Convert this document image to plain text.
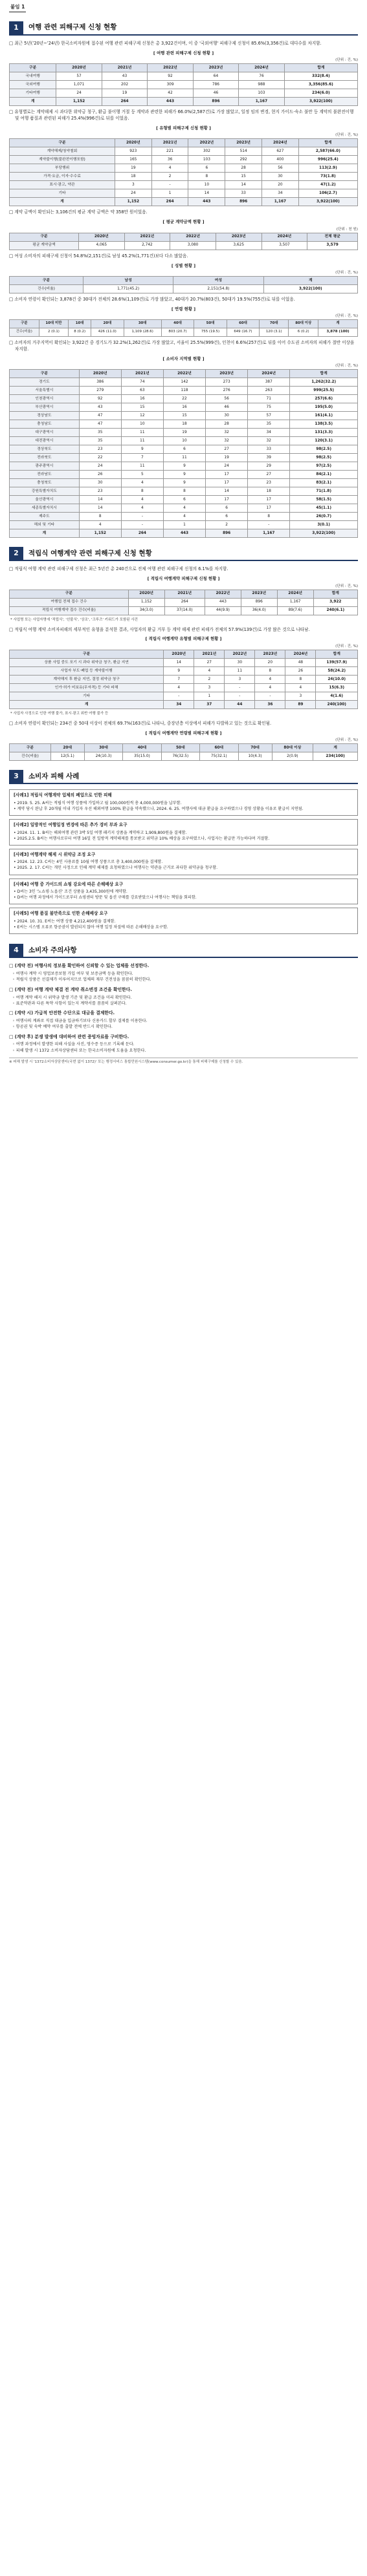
붙임 1
1	여행 관련 피해구제 신청 현황

□ 최근 5년(’20년~’24년) 한국소비자원에 접수된 여행 관련 피해구제 신청은 총 3,922건이며, 이 중 '국외여행' 피해구제 신청이 85.6%(3,356건)로 대다수를 차지함.

[ 여행 관련 피해구제 신청 현황 ]
(단위 : 건, %)
구분	2020년	2021년	2022년	2023년	2024년	합계
국내여행	57	43	92	64	76	332(8.4)
국외여행	1,071	202	309	786	988	3,356(85.6)
기타여행	24	19	42	46	103	234(6.0)
계	1,152	264	443	896	1,167	3,922(100)

□ 유형별로는 계약해제 시 과다한 위약금 청구, 환급 불이행 거절 등 계약과 관련한 피해가 66.0%(2,587건)로 가장 많았고, 일정 임의 변경, 현지 가이드·숙소 불만 등 계약의 불완전이행 및 여행 품질과 관련된 피해가 25.4%(996건)로 뒤를 이었음.

[ 유형별 피해구제 신청 현황 ]
(단위 : 건, %)
구분	2020년	2021년	2022년	2023년	2024년	합계
계약해제/청약철회	923	221	302	514	627	2,587(66.0)
계약불이행(불완전이행포함)	165	36	103	292	400	996(25.4)
부당행위	19	4	6	28	56	113(2.9)
가격·요금, 이자·수수료	18	2	8	15	30	73(1.8)
표시·광고, 약관	3	-	10	14	20	47(1.2)
기타	24	1	14	33	34	106(2.7)
계	1,152	264	443	896	1,167	3,922(100)

□ 계약 금액이 확인되는 3,106건의 평균 계약 금액은 약 358만 원이었음.

[ 평균 계약금액 현황 ]
(단위 : 천 원)
구분	2020년	2021년	2022년	2023년	2024년	전체 평균
평균 계약금액	4,065	2,742	3,080	3,625	3,507	3,579

□ 여성 소비자의 피해구제 신청이 54.8%(2,151건)로 남성 45.2%(1,771건)보다 다소 많았음.

[ 성별 현황 ]
(단위 : 건, %)
구분	남성	여성	계
건수(비율)	1,771(45.2)	2,151(54.8)	3,922(100)

□ 소비자 연령이 확인되는 3,878건 중 30대가 전체의 28.6%(1,109건)로 가장 많았고, 40대가 20.7%(803건), 50대가 19.5%(755건)로 뒤를 이었음.

[ 연령 현황 ]
(단위 : 건, %)
구분	10대 미만	10대	20대	30대	40대	50대	60대	70대	80대 이상	계
건수(비율)	2 (0.1)	8 (0.2)	426 (11.0)	1,109 (28.6)	803 (20.7)	755 (19.5)	649 (16.7)	120 (3.1)	6 (0.2)	3,878 (100)

□ 소비자의 거주지역이 확인되는 3,922건 중 경기도가 32.2%(1,262건)로 가장 많았고, 서울이 25.5%(999건), 인천이 6.6%(257건)로 뒤를 이어 수도권 소비자의 피해가 절반 이상을 차지함.

[ 소비자 지역별 현황 ]
(단위 : 건, %)
구분	2020년	2021년	2022년	2023년	2024년	합계
경기도	386	74	142	273	387	1,262(32.2)
서울특별시	279	63	118	276	263	999(25.5)
인천광역시	92	16	22	56	71	257(6.6)
부산광역시	43	15	16	46	75	195(5.0)
경상남도	47	12	15	30	57	161(4.1)
충청남도	47	10	18	28	35	138(3.5)
대구광역시	35	11	19	32	34	131(3.3)
대전광역시	35	11	10	32	32	120(3.1)
경상북도	23	9	6	27	33	98(2.5)
전라북도	22	7	11	19	39	98(2.5)
광주광역시	24	11	9	24	29	97(2.5)
전라남도	26	5	9	17	27	84(2.1)
충청북도	30	4	9	17	23	83(2.1)
강원특별자치도	23	8	8	14	18	71(1.8)
울산광역시	14	4	6	17	17	58(1.5)
세종특별자치시	14	4	4	6	17	45(1.1)
제주도	8	-	4	6	8	26(0.7)
해외 및 기타	4	-	1	2	-	3(0.1)
계	1,152	264	443	896	1,167	3,922(100)
2	적립식 여행계약 관련 피해구제 신청 현황

□ 적립식 여행 계약 관련 피해구제 신청은 최근 5년간 총 240건으로 전체 여행 관련 피해구제 신청의 6.1%를 차지함.

[ 적립식 여행계약 피해구제 신청 현황 ]
(단위 : 건, %)
구분	2020년	2021년	2022년	2023년	2024년	합계
여행업 전체 접수 건수	1,152	264	443	896	1,167	3,922
적립식 여행계약 접수 건수(비율)	34(3.0)	37(14.0)	44(9.9)	36(4.0)	89(7.6)	240(6.1)
* 사업명 또는 사업자명에 '적립식', '선불식', '상조', '크루즈' 키워드가 포함된 사건

□ 적립식 여행 계약 소비자피해의 세부적인 유형을 분석한 결과, 사업자의 환급 거부 등 계약 해제 관련 피해가 전체의 57.9%(139건)로 가장 많은 것으로 나타남.

[ 적립식 여행계약 유형별 피해구제 현황 ]
(단위 : 건, %)
구분	2020년	2021년	2022년	2023년	2024년	합계
상품 사업 중도 포기 시 과다 위약금 청구, 환급 지연	14	27	30	20	48	139(57.9)
사업자 부도·폐업 등 계약불이행	9	4	11	8	26	58(24.2)
계약해지 후 환급 지연, 결정 위약금 청구	7	2	3	4	8	24(10.0)
인가·허가 미보유(무자격) 등 기타 피해	4	3	-	4	4	15(6.3)
기타	-	1	-	-	3	4(1.6)
계	34	37	44	36	89	240(100)
* 사업자 사정으로 인한 여행 불가, 표시·광고 위반 여행 불가 등

□ 소비자 연령이 확인되는 234건 중 50대 이상이 전체의 69.7%(163건)로 나타나, 중장년층 이상에서 피해가 다발하고 있는 것으로 확인됨.

[ 적립식 여행계약 연령별 피해구제 현황 ]
(단위 : 건, %)
구분	20대	30대	40대	50대	60대	70대	80대 이상	계
건수(비율)	12(5.1)	24(10.3)	35(15.0)	76(32.5)	75(32.1)	10(4.3)	2(0.9)	234(100)
3	소비자 피해 사례
[사례1] 적립식 여행계약 업체의 폐업으로 인한 피해
• 2019. 5. 25. A씨는 적립식 여행 상품에 가입하고 월 100,000원씩 총 4,000,000원을 납부함.
• 계약 당시 완납 후 20개월 이내 가입자 우선 해외여행 100% 환급을 약속했으나, 2024. 6. 25. 여행사에 대금 환급을 요구하였으나 경영 상황을 이유로 환급이 지연됨.
[사례2] 일방적인 여행일정 변경에 따른 추가 경비 부과 요구
• 2024. 11. 1. B씨는 해외여행 관련 3박 5일 여행 패키지 상품을 계약하고 1,909,800원을 결제함.
• 2025.2.5. B씨는 여행사로부터 여행 16일 전 일방적 계약해제를 통보받고 위약금 10% 배상을 요구하였으나, 사업자는 환급만 가능하다며 거절함.
[사례3] 여행계약 해제 시 위약금 조정 요구
• 2024. 12. 23. C씨는 4인 사용료를 10월 여행 상품으로 총 3,400,000원을 결제함.
• 2025. 2. 17. C씨는 개인 사정으로 인해 계약 해제를 요청하였으나 여행사는 약관을 근거로 과다한 위약금을 청구함.
[사례4] 여행 중 가이드의 쇼핑 강요에 따른 손해배상 요구
• D씨는 3인 '노쇼핑·노옵션' 조건 상품을 3,435,300원에 계약함.
• D씨는 여행 과정에서 가이드로부터 쇼핑센터 방문 및 옵션 구매를 강요받았으나 여행사는 책임을 회피함.
[사례5] 여행 품질 불만족으로 인한 손해배상 요구
• 2024. 10. 31. E씨는 여행 상품 4,212,400원을 결제함.
• E씨는 시스템 오류로 항공권이 발권되지 않아 여행 일정 차질에 따른 손해배상을 요구함.
4	소비자 주의사항
□ (계약 전) 여행사의 정보를 확인하여 신뢰할 수 있는 업체를 선정한다.
◦ 여행사 계약 시 영업보증보험 가입 여부 및 보증금액 등을 확인한다.
◦ 적립식 상품은 선결제가 이루어지므로 업체의 재무 건전성을 꼼꼼히 확인한다.
□ (계약 전) 여행 계약 체결 전 계약 취소변경 조건을 확인한다.
◦ 여행 계약 해지 시 위약금 발생 기준 및 환급 조건을 미리 확인한다.
◦ 표준약관과 다른 특약 사항이 있는지 계약서를 꼼꼼히 살펴본다.
□ (계약 시) 가급적 안전한 수단으로 대금을 결제한다.
◦ 여행사의 계좌로 직접 대금을 입금하기보다 신용카드 할부 결제를 이용한다.
◦ 항공권 및 숙박 예약 여부를 출발 전에 반드시 확인한다.
□ (계약 후) 분쟁 발생에 대비하여 관련 증빙자료를 구비한다.
◦ 여행 과정에서 발생한 피해 사실을 사진, 영수증 등으로 기록해 둔다.
◦ 피해 발생 시 1372 소비자상담센터 또는 한국소비자원에 도움을 요청한다.
※ 피해 발생 시 '1372소비자상담센터(국번 없이 1372)' 또는 행정서비스 통합민원시스템(www.consumer.go.kr)을 통해 피해구제를 신청할 수 있음.
